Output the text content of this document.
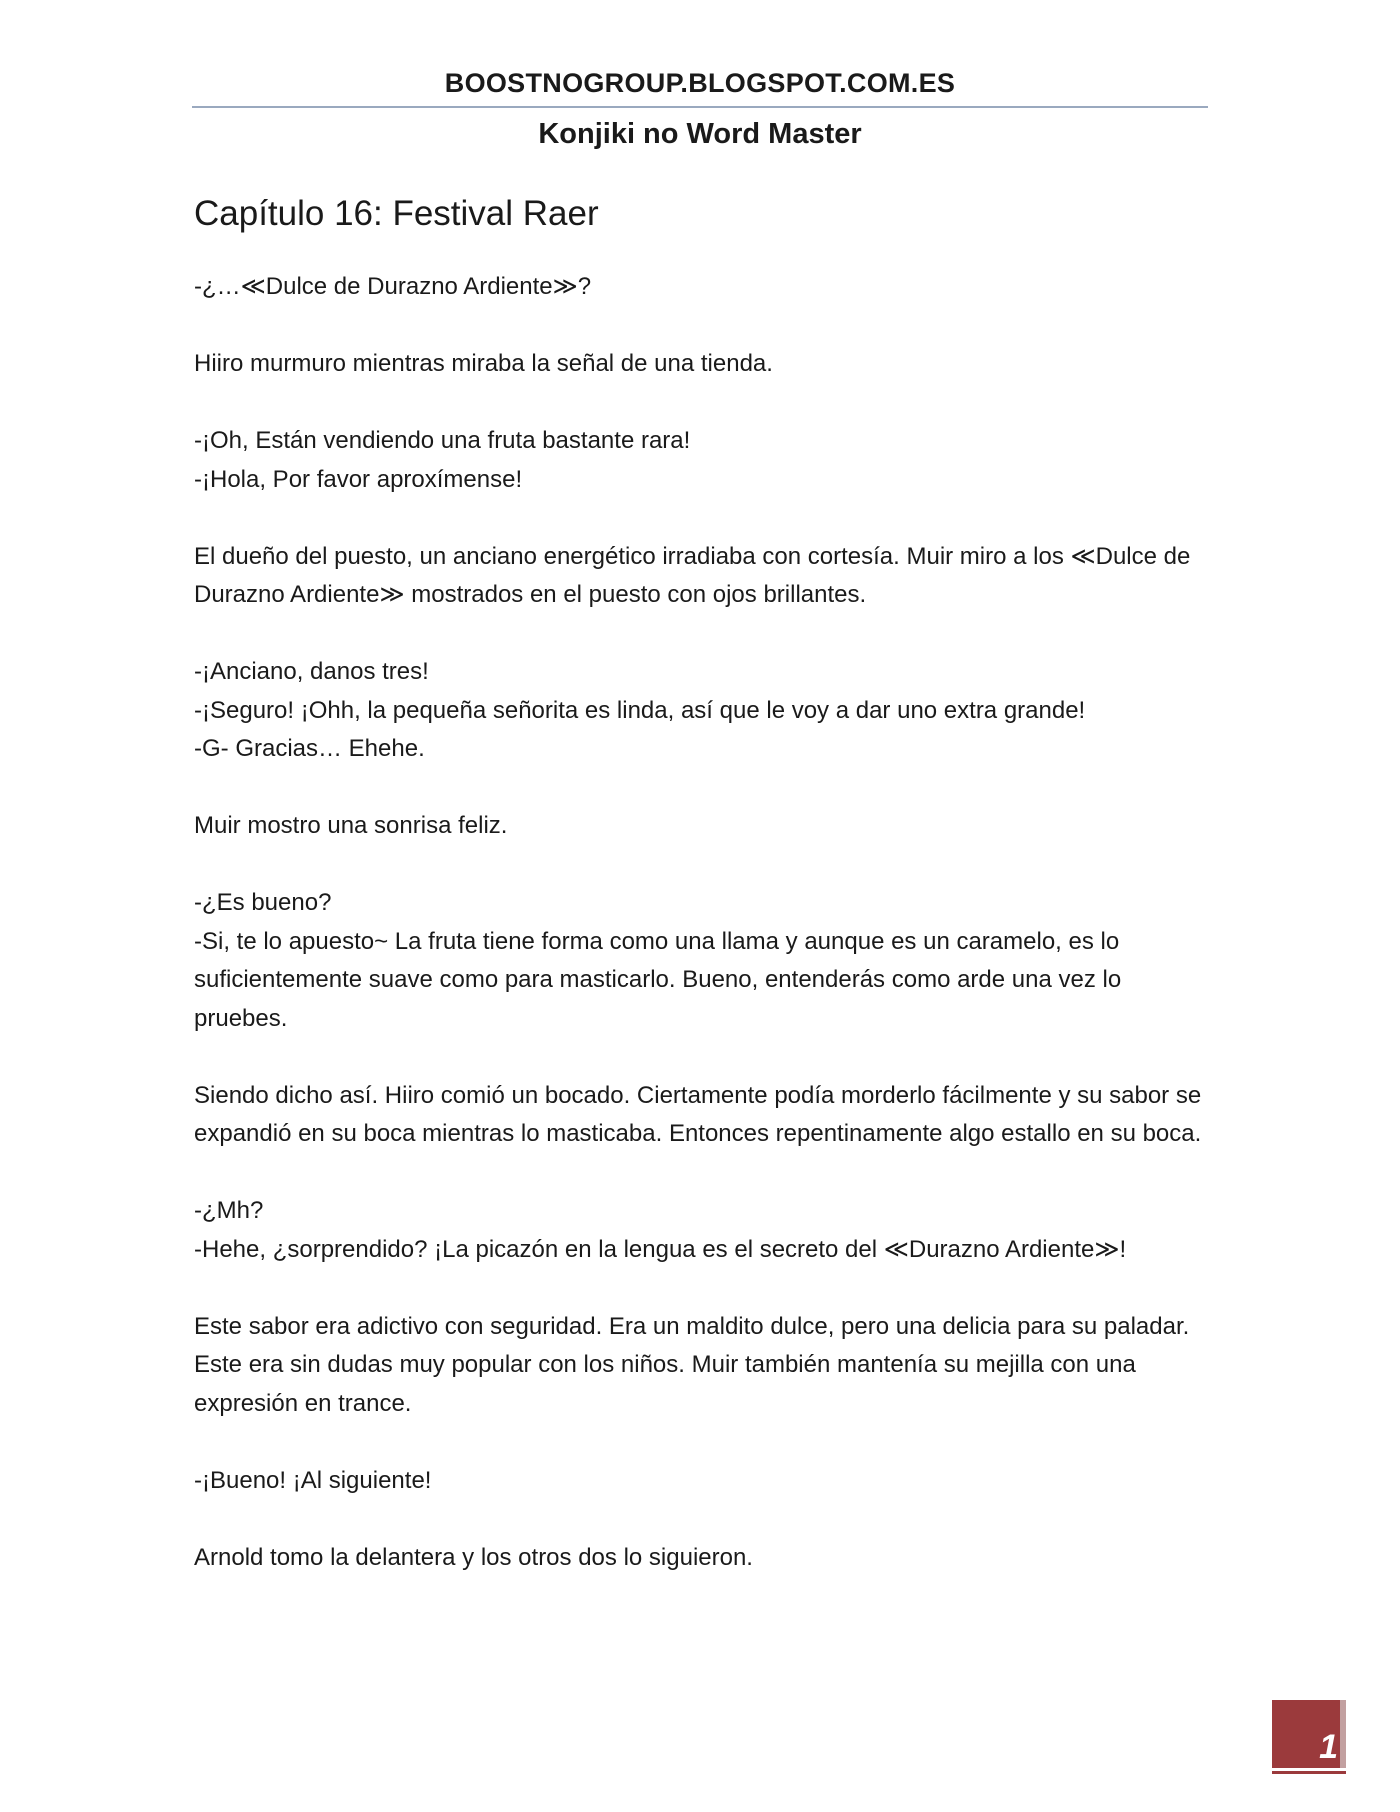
BOOSTNOGROUP.BLOGSPOT.COM.ES
Konjiki no Word Master
Capítulo 16: Festival Raer
-¿…≪Dulce de Durazno Ardiente≫?
Hiiro murmuro mientras miraba la señal de una tienda.
-¡Oh, Están vendiendo una fruta bastante rara!
-¡Hola, Por favor aproxímense!
El dueño del puesto, un anciano energético irradiaba con cortesía. Muir miro a los ≪Dulce de Durazno Ardiente≫ mostrados en el puesto con ojos brillantes.
-¡Anciano, danos tres!
-¡Seguro! ¡Ohh, la pequeña señorita es linda, así que le voy a dar uno extra grande!
-G- Gracias… Ehehe.
Muir mostro una sonrisa feliz.
-¿Es bueno?
-Si, te lo apuesto~ La fruta tiene forma como una llama y aunque es un caramelo, es lo suficientemente suave como para masticarlo. Bueno, entenderás como arde una vez lo pruebes.
Siendo dicho así. Hiiro comió un bocado. Ciertamente podía morderlo fácilmente y su sabor se expandió en su boca mientras lo masticaba. Entonces repentinamente algo estallo en su boca.
-¿Mh?
-Hehe, ¿sorprendido? ¡La picazón en la lengua es el secreto del ≪Durazno Ardiente≫!
Este sabor era adictivo con seguridad. Era un maldito dulce, pero una delicia para su paladar. Este era sin dudas muy popular con los niños. Muir también mantenía su mejilla con una expresión en trance.
-¡Bueno! ¡Al siguiente!
Arnold tomo la delantera y los otros dos lo siguieron.
1
